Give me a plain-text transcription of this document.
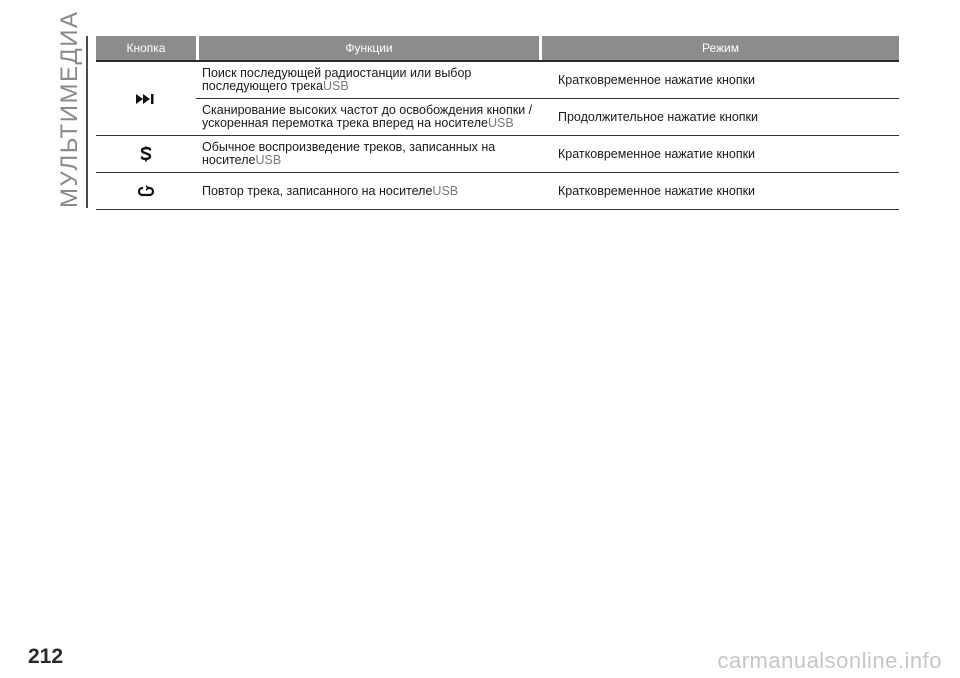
МУЛЬТИМЕДИА	Кнопка	Функции	Режим
Поиск последующей радиостанции или выбор последующего трекаUSB	Кратковременное нажатие кнопки
Сканирование высоких частот до освобождения кнопки / ускоренная перемотка трека вперед на носителеUSB	Продолжительное нажатие кнопки
Обычное воспроизведение треков, записанных на носителеUSB	Кратковременное нажатие кнопки
Повтор трека, записанного на носителеUSB	Кратковременное нажатие кнопки
212	carmanualsonline.info
